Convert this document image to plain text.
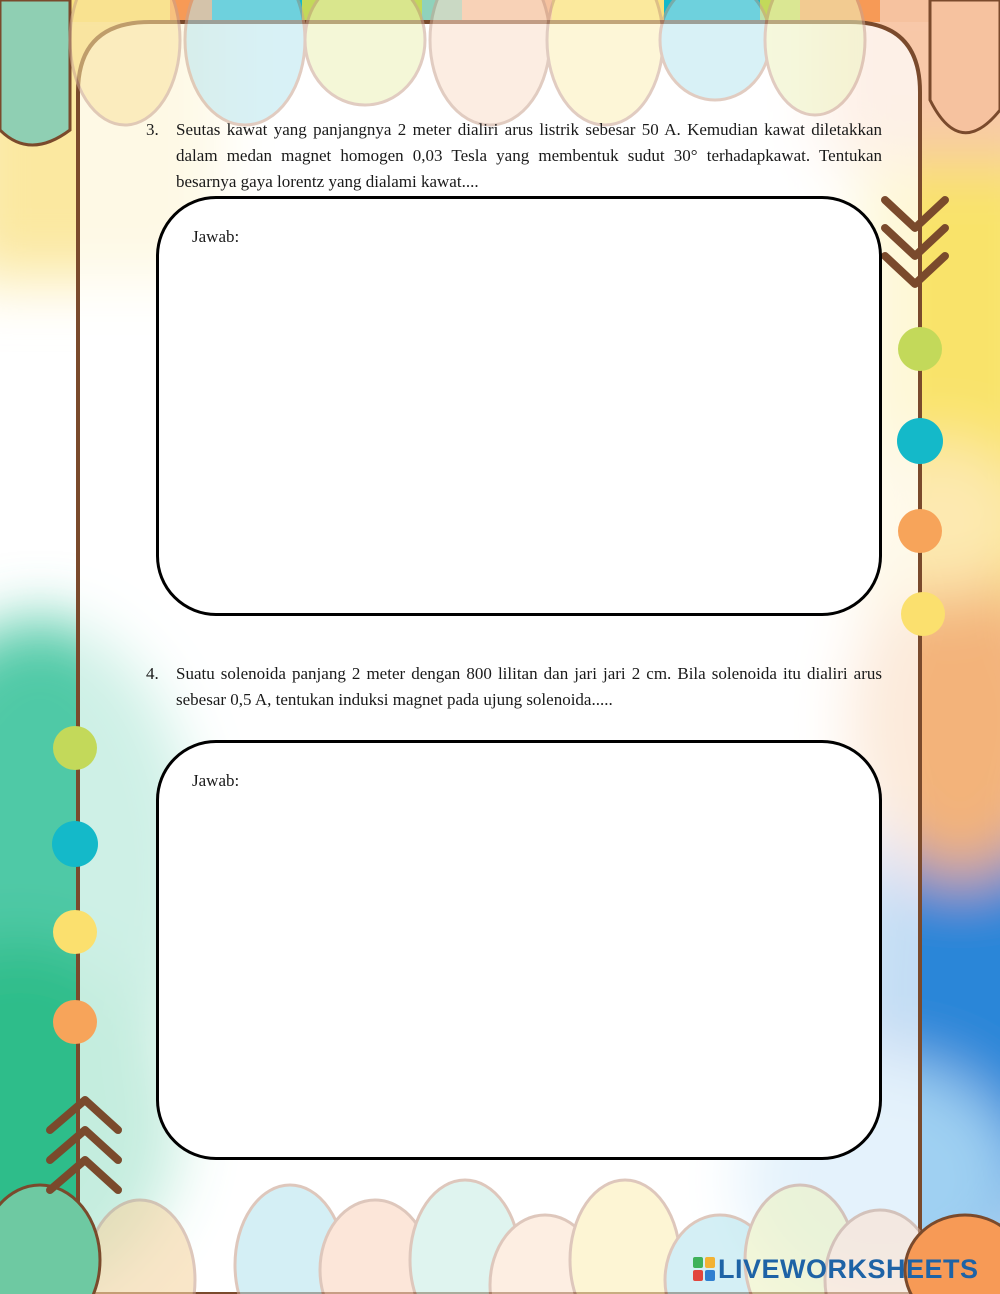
3.	Seutas kawat yang panjangnya 2 meter dialiri arus listrik sebesar 50 A. Kemudian kawat diletakkan dalam medan magnet homogen 0,03 Tesla yang membentuk sudut 30° terhadapkawat. Tentukan besarnya gaya lorentz yang dialami kawat....
Jawab:
4.	Suatu solenoida panjang 2 meter dengan 800 lilitan dan jari jari 2 cm. Bila solenoida itu dialiri arus sebesar 0,5 A, tentukan induksi magnet pada ujung solenoida.....
Jawab:
LIVEWORKSHEETS
